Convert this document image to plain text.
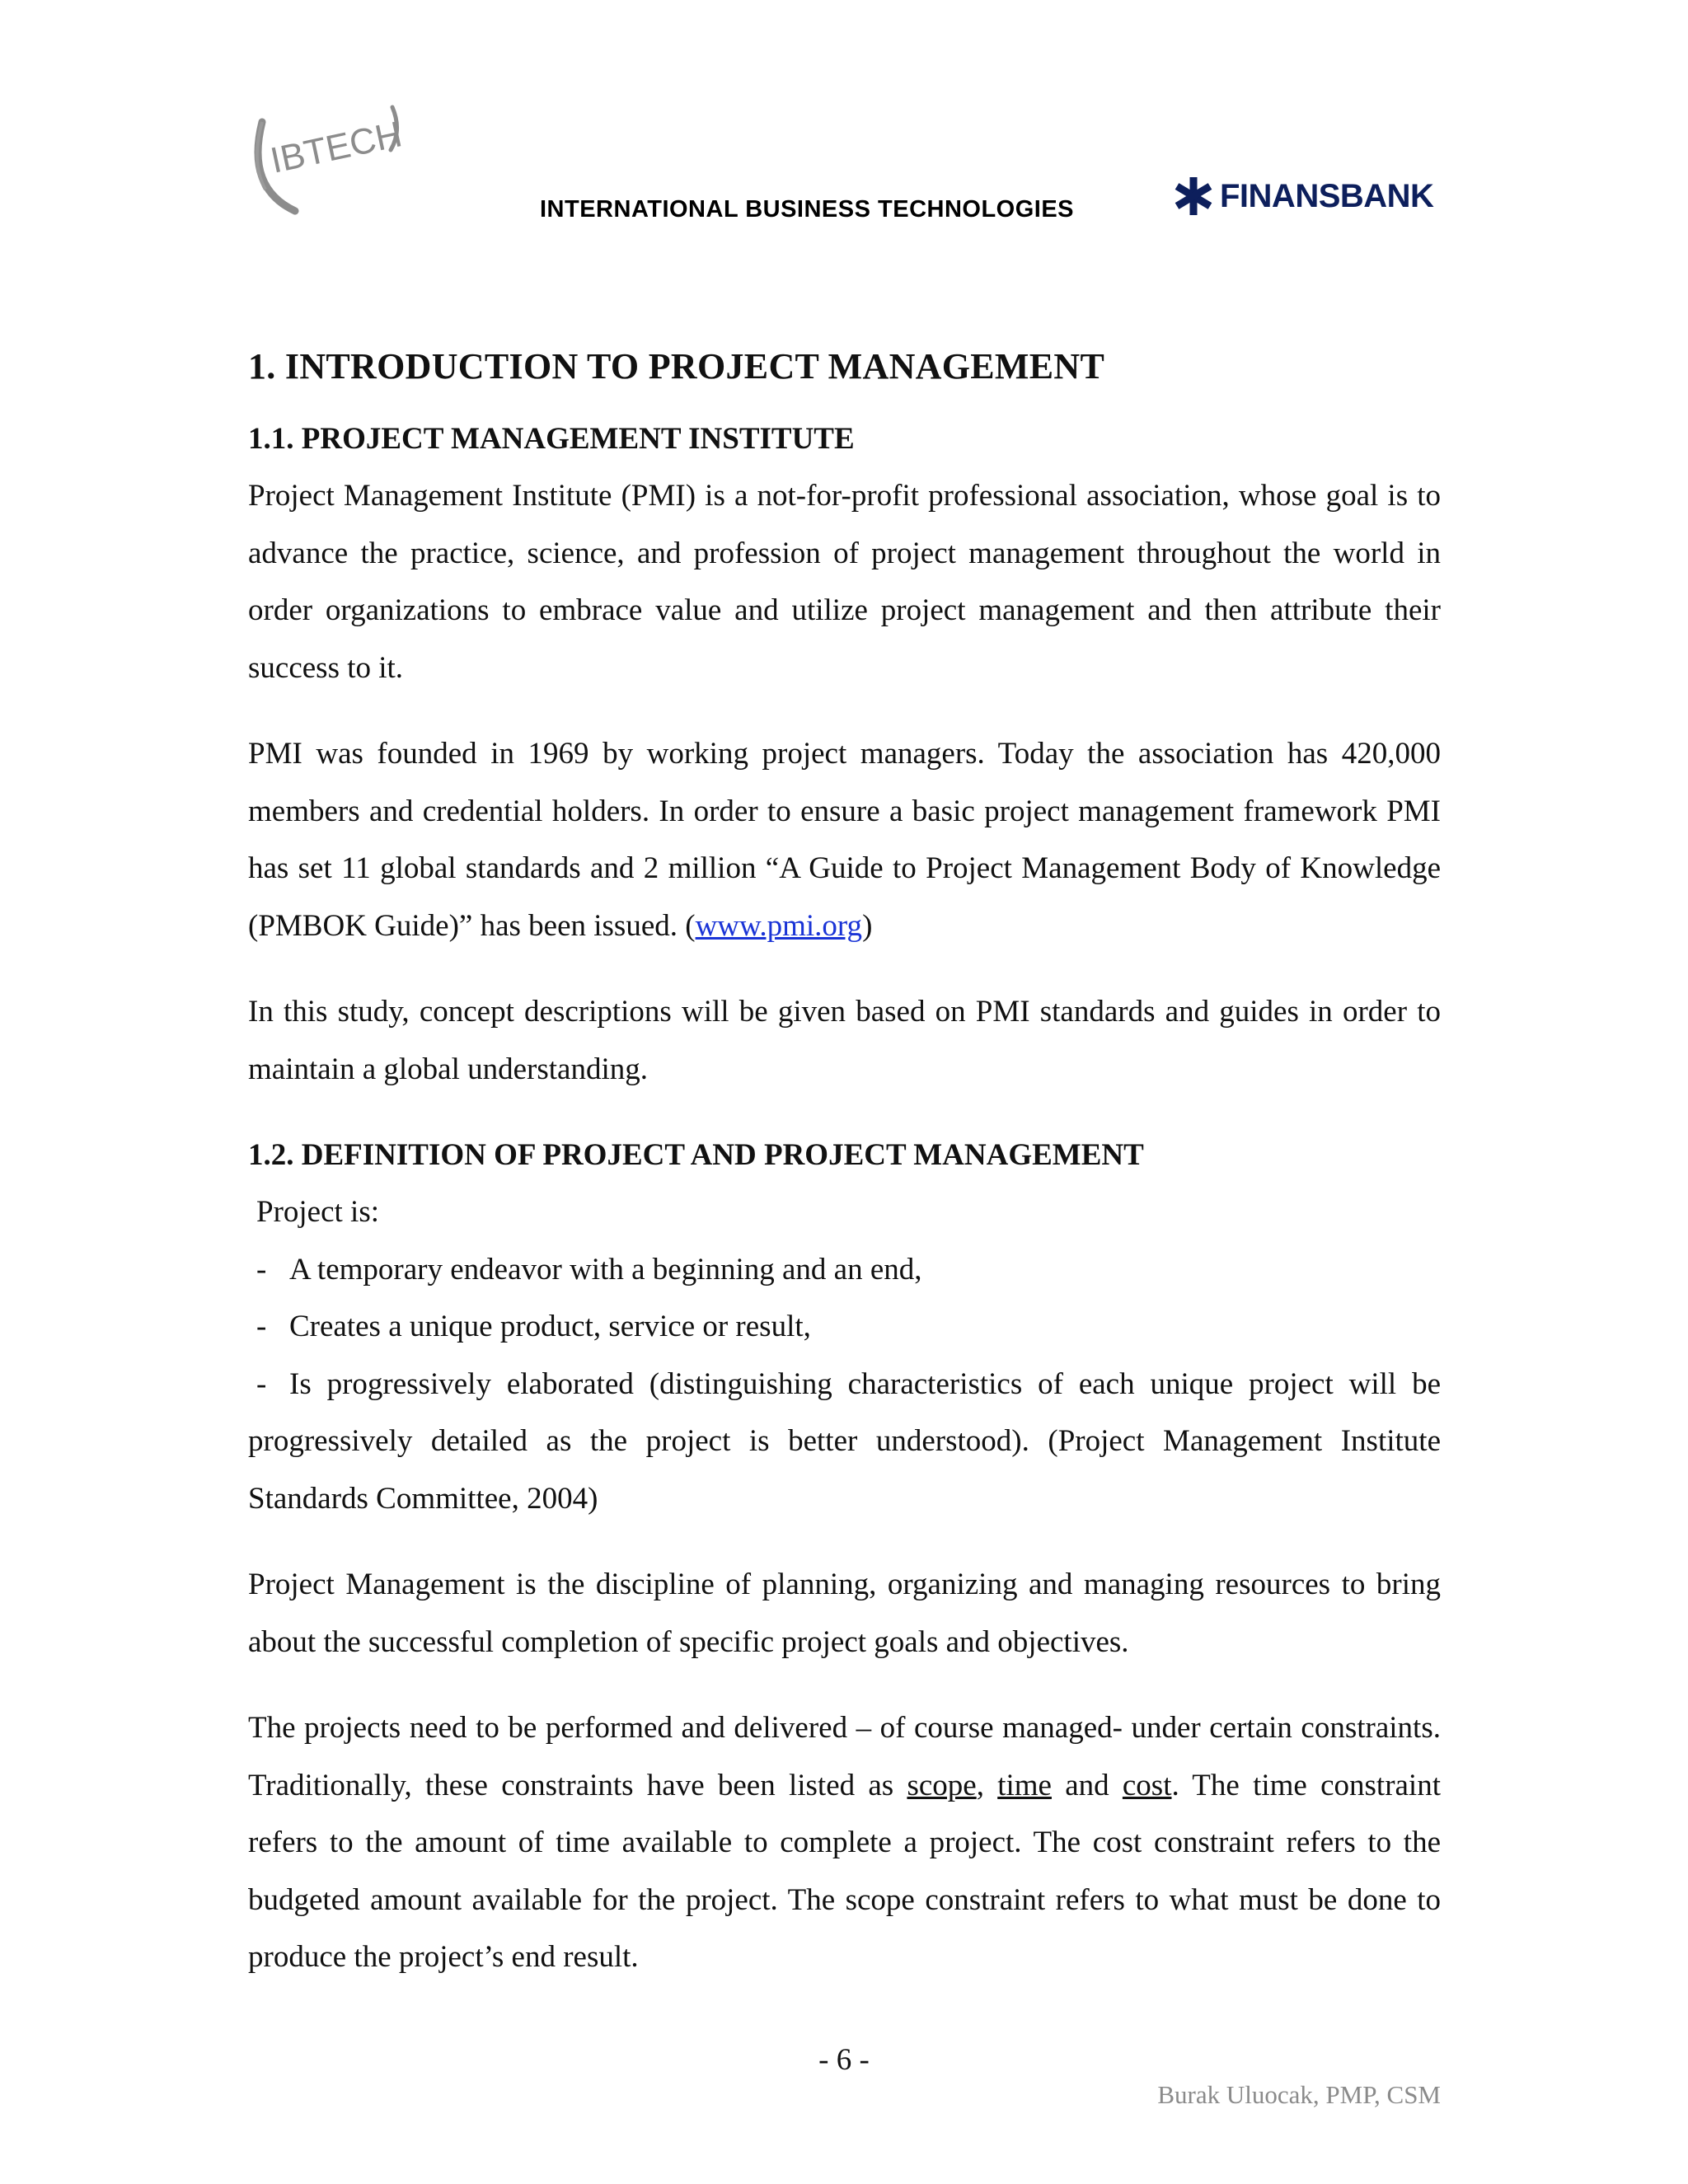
IBTECH
INTERNATIONAL BUSINESS TECHNOLOGIES	FINANSBANK
1. INTRODUCTION TO PROJECT MANAGEMENT
1.1. PROJECT MANAGEMENT INSTITUTE

Project Management Institute (PMI) is a not-for-profit professional association, whose goal is to advance the practice, science, and profession of project management throughout the world in order organizations to embrace value and utilize project management and then attribute their success to it.

PMI was founded in 1969 by working project managers. Today the association has 420,000 members and credential holders. In order to ensure a basic project management framework PMI has set 11 global standards and 2 million “A Guide to Project Management Body of Knowledge (PMBOK Guide)” has been issued. (www.pmi.org)

In this study, concept descriptions will be given based on PMI standards and guides in order to maintain a global understanding.

1.2. DEFINITION OF PROJECT AND PROJECT MANAGEMENT

Project is:

- A temporary endeavor with a beginning and an end,

- Creates a unique product, service or result,

- Is progressively elaborated (distinguishing characteristics of each unique project will be progressively detailed as the project is better understood). (Project Management Institute Standards Committee, 2004)

Project Management is the discipline of planning, organizing and managing resources to bring about the successful completion of specific project goals and objectives.

The projects need to be performed and delivered – of course managed- under certain constraints. Traditionally, these constraints have been listed as scope, time and cost. The time constraint refers to the amount of time available to complete a project. The cost constraint refers to the budgeted amount available for the project. The scope constraint refers to what must be done to produce the project’s end result.

- 6 -
Burak Uluocak, PMP, CSM
